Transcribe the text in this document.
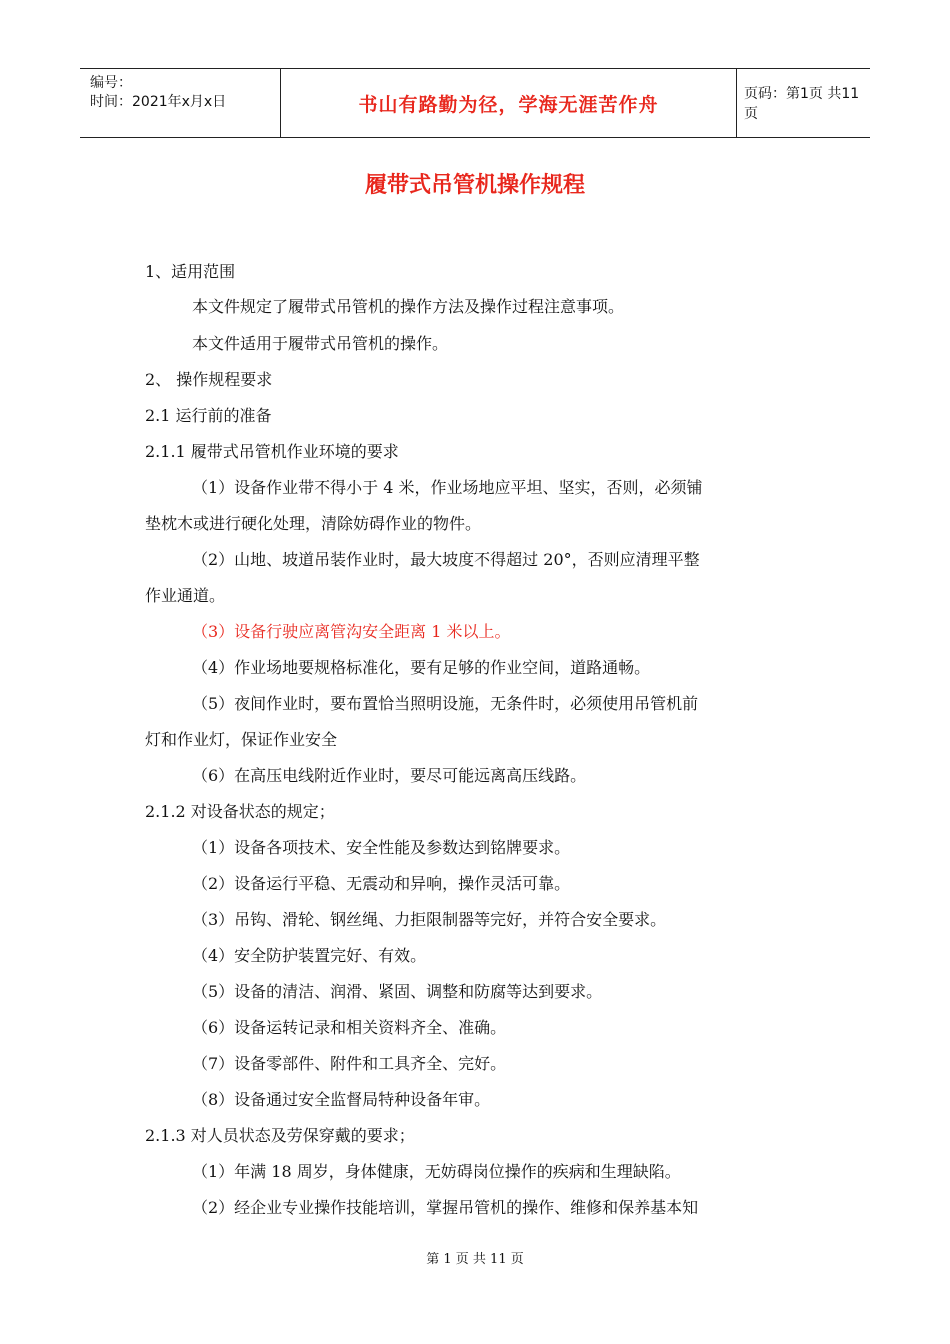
编号：
时间：2021年x月x日	书山有路勤为径，学海无涯苦作舟	页码：第1页 共11页
履带式吊管机操作规程
1、适用范围
本文件规定了履带式吊管机的操作方法及操作过程注意事项。
本文件适用于履带式吊管机的操作。
2、 操作规程要求
2.1 运行前的准备
2.1.1 履带式吊管机作业环境的要求
（1）设备作业带不得小于 4 米，作业场地应平坦、坚实，否则，必须铺
垫枕木或进行硬化处理，清除妨碍作业的物件。
（2）山地、坡道吊装作业时，最大坡度不得超过 20°，否则应清理平整
作业通道。
（3）设备行驶应离管沟安全距离 1 米以上。
（4）作业场地要规格标准化，要有足够的作业空间，道路通畅。
（5）夜间作业时，要布置恰当照明设施，无条件时，必须使用吊管机前
灯和作业灯，保证作业安全
（6）在高压电线附近作业时，要尽可能远离高压线路。
2.1.2 对设备状态的规定；
（1）设备各项技术、安全性能及参数达到铭牌要求。
（2）设备运行平稳、无震动和异响，操作灵活可靠。
（3）吊钩、滑轮、钢丝绳、力拒限制器等完好，并符合安全要求。
（4）安全防护装置完好、有效。
（5）设备的清洁、润滑、紧固、调整和防腐等达到要求。
（6）设备运转记录和相关资料齐全、准确。
（7）设备零部件、附件和工具齐全、完好。
（8）设备通过安全监督局特种设备年审。
2.1.3 对人员状态及劳保穿戴的要求；
（1）年满 18 周岁，身体健康，无妨碍岗位操作的疾病和生理缺陷。
（2）经企业专业操作技能培训，掌握吊管机的操作、维修和保养基本知
第 1 页 共 11 页
